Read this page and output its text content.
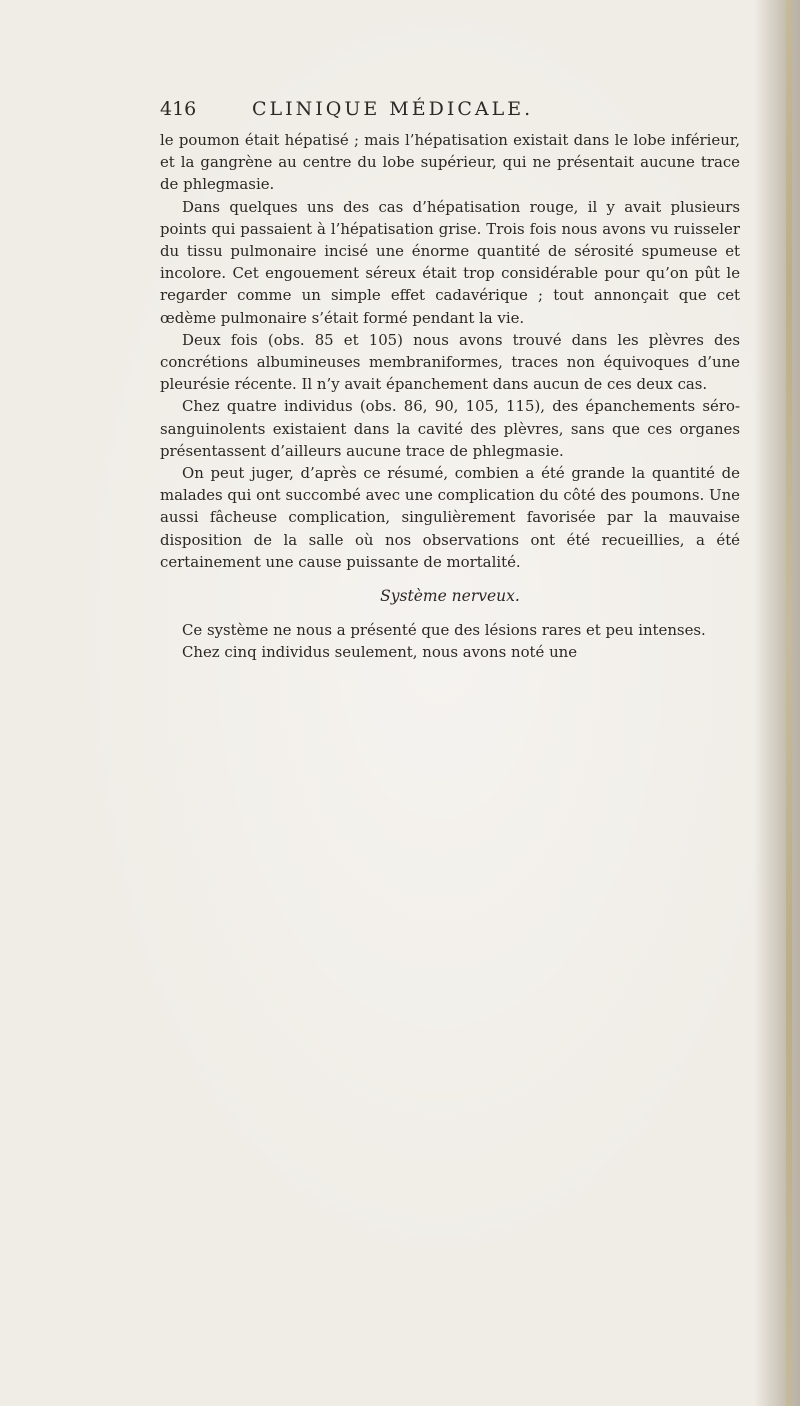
416	CLINIQUE MÉDICALE.

le poumon était hépatisé ; mais l’hépatisation existait dans le lobe inférieur, et la gangrène au centre du lobe supérieur, qui ne présentait aucune trace de phlegmasie.

Dans quelques uns des cas d’hépatisation rouge, il y avait plusieurs points qui passaient à l’hépatisation grise. Trois fois nous avons vu ruisseler du tissu pulmonaire incisé une énorme quantité de sérosité spumeuse et incolore. Cet engouement séreux était trop considérable pour qu’on pût le regarder comme un simple effet cadavérique ; tout annonçait que cet œdème pulmonaire s’était formé pendant la vie.

Deux fois (obs. 85 et 105) nous avons trouvé dans les plèvres des concrétions albumineuses membraniformes, traces non équivoques d’une pleurésie récente. Il n’y avait épanchement dans aucun de ces deux cas.

Chez quatre individus (obs. 86, 90, 105, 115), des épanchements séro-sanguinolents existaient dans la cavité des plèvres, sans que ces organes présentassent d’ailleurs aucune trace de phlegmasie.

On peut juger, d’après ce résumé, combien a été grande la quantité de malades qui ont succombé avec une complication du côté des poumons. Une aussi fâcheuse complication, singulièrement favorisée par la mauvaise disposition de la salle où nos observations ont été recueillies, a été certainement une cause puissante de mortalité.

Système nerveux.

Ce système ne nous a présenté que des lésions rares et peu intenses.

Chez cinq individus seulement, nous avons noté une
